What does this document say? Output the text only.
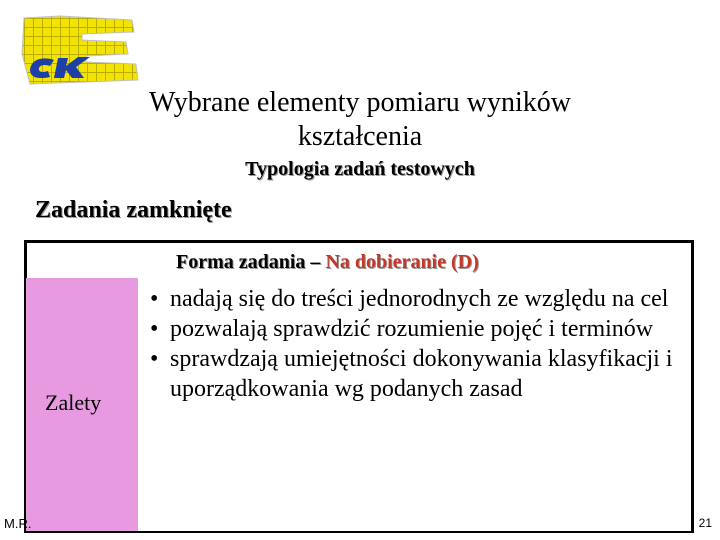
Wybrane elementy pomiaru wyników
kształcenia
Typologia zadań testowych
Zadania zamknięte
Forma zadania – Na dobieranie (D)
Zalety
• nadają się do treści jednorodnych ze względu na cel
• pozwalają sprawdzić rozumienie pojęć i terminów
• sprawdzają umiejętności dokonywania klasyfikacji i uporządkowania wg podanych zasad
M.R.	21
